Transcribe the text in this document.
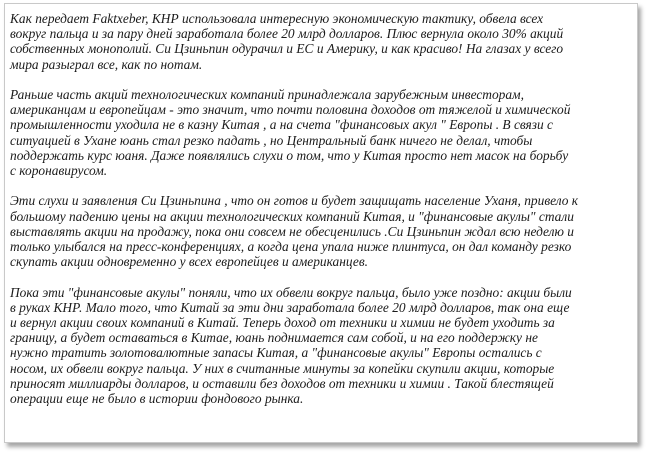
Как передает Faktxeber, КНР использовала интересную экономическую тактику, обвела всех
вокруг пальца и за пару дней заработала более 20 млрд долларов. Плюс вернула около 30% акций
собственных монополий. Си Цзиньпин одурачил и ЕС и Америку, и как красиво! На глазах у всего
мира разыграл все, как по нотам.

Раньше часть акций технологических компаний принадлежала зарубежным инвесторам,
американцам и европейцам - это значит, что почти половина доходов от тяжелой и химической
промышленности уходила не в казну Китая , а на счета "финансовых акул " Европы . В связи с
ситуацией в Ухане юань стал резко падать , но Центральный банк ничего не делал, чтобы
поддержать курс юаня. Даже появлялись слухи о том, что у Китая просто нет масок на борьбу
с коронавирусом.

Эти слухи и заявления Си Цзиньпина , что он готов и будет защищать население Уханя, привело к
большому падению цены на акции технологических компаний Китая, и "финансовые акулы" стали
выставлять акции на продажу, пока они совсем не обесценились .Си Цзиньпин ждал всю неделю и
только улыбался на пресс-конференциях, а когда цена упала ниже плинтуса, он дал команду резко
скупать акции одновременно у всех европейцев и американцев.

Пока эти "финансовые акулы" поняли, что их обвели вокруг пальца, было уже поздно: акции были
в руках КНР. Мало того, что Китай за эти дни заработала более 20 млрд долларов, так она еще
и вернул акции своих компаний в Китай. Теперь доход от техники и химии не будет уходить за
границу, а будет оставаться в Китае, юань поднимается сам собой, и на его поддержку не
нужно тратить золотовалютные запасы Китая, а "финансовые акулы" Европы остались с
носом, их обвели вокруг пальца. У них в считанные минуты за копейки скупили акции, которые
приносят миллиарды долларов, и оставили без доходов от техники и химии . Такой блестящей
операции еще не было в истории фондового рынка.
